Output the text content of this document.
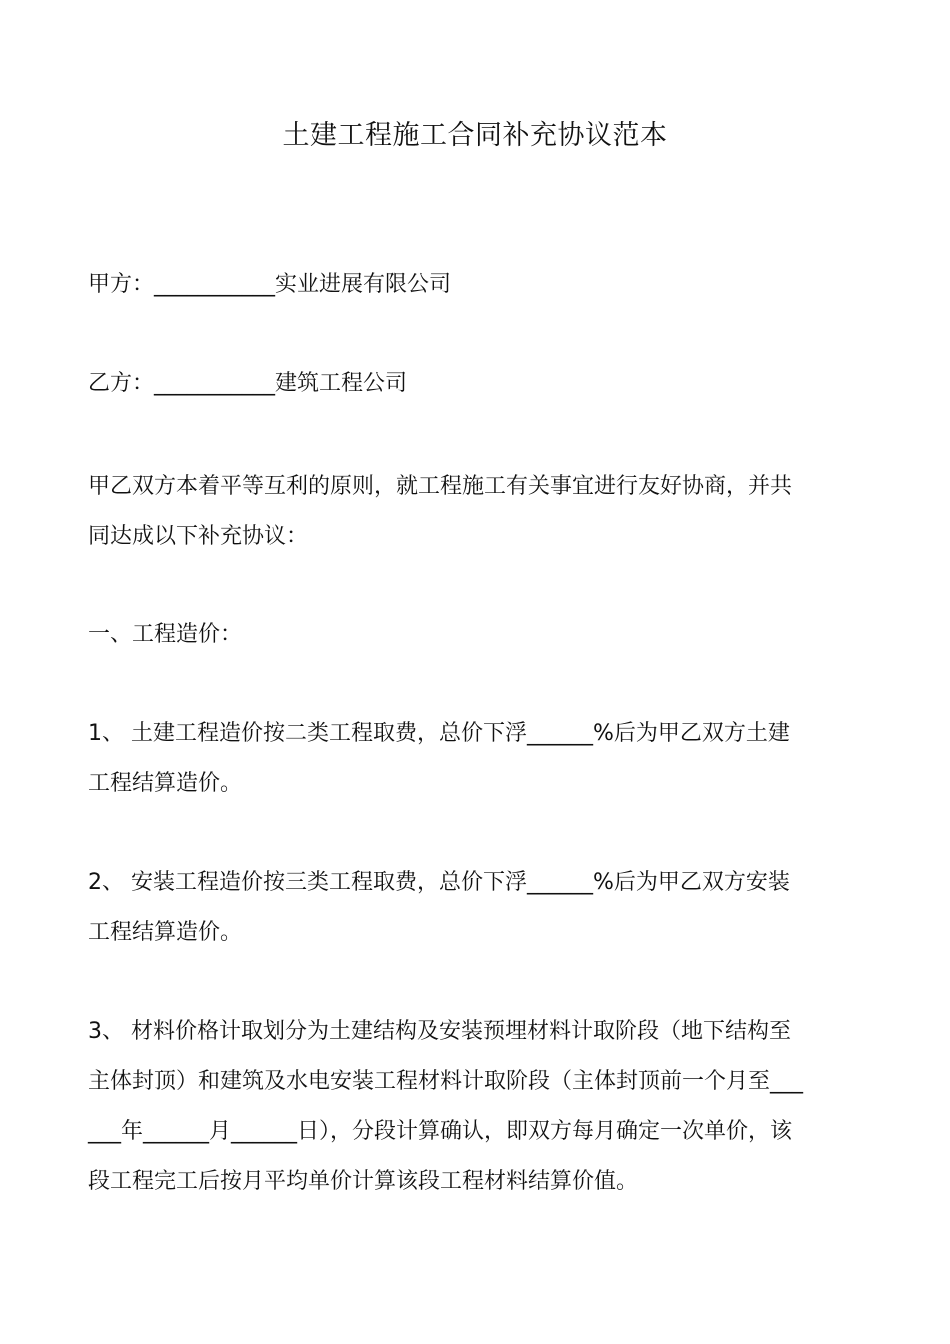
土建工程施工合同补充协议范本
甲方：___________实业进展有限公司
乙方：___________建筑工程公司
甲乙双方本着平等互利的原则，就工程施工有关事宜进行友好协商，并共
同达成以下补充协议：
一、工程造价：
1、 土建工程造价按二类工程取费，总价下浮______%后为甲乙双方土建
工程结算造价。
2、 安装工程造价按三类工程取费，总价下浮______%后为甲乙双方安装
工程结算造价。
3、 材料价格计取划分为土建结构及安装预埋材料计取阶段（地下结构至
主体封顶）和建筑及水电安装工程材料计取阶段（主体封顶前一个月至___
___年______月______日），分段计算确认，即双方每月确定一次单价，该
段工程完工后按月平均单价计算该段工程材料结算价值。
